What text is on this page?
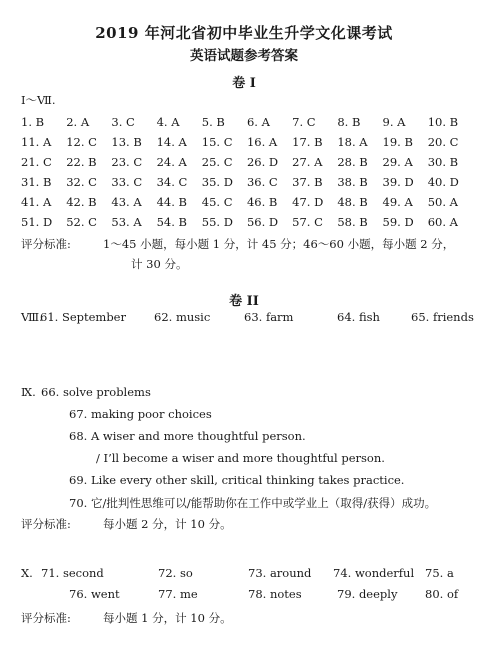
2019 年河北省初中毕业生升学文化课考试
英语试题参考答案
卷 I
Ⅰ～Ⅶ.
1. B	2. A	3. C	4. A	5. B	6. A	7. C	8. B	9. A	10. B
11. A	12. C	13. B	14. A	15. C	16. A	17. B	18. A	19. B	20. C
21. C	22. B	23. C	24. A	25. C	26. D	27. A	28. B	29. A	30. B
31. B	32. C	33. C	34. C	35. D	36. C	37. B	38. B	39. D	40. D
41. A	42. B	43. A	44. B	45. C	46. B	47. D	48. B	49. A	50. A
51. D	52. C	53. A	54. B	55. D	56. D	57. C	58. B	59. D	60. A
评分标准:	1～45 小题，每小题 1 分，计 45 分；46～60 小题，每小题 2 分，
计 30 分。
卷 II
Ⅷ.
61. September 62. music	63. farm	64. fish	65. friends
Ⅸ. 66. solve problems
67. making poor choices
68. A wiser and more thoughtful person.
/ I’ll become a wiser and more thoughtful person.
69. Like every other skill, critical thinking takes practice.
70. 它/批判性思维可以/能帮助你在工作中或学业上（取得/获得）成功。
评分标准:	每小题 2 分，计 10 分。
Ⅹ. 71. second	72. so	73. around 74. wonderful 75. a
76. went	77. me	78. notes	79. deeply 80. of
评分标准:	每小题 1 分，计 10 分。
